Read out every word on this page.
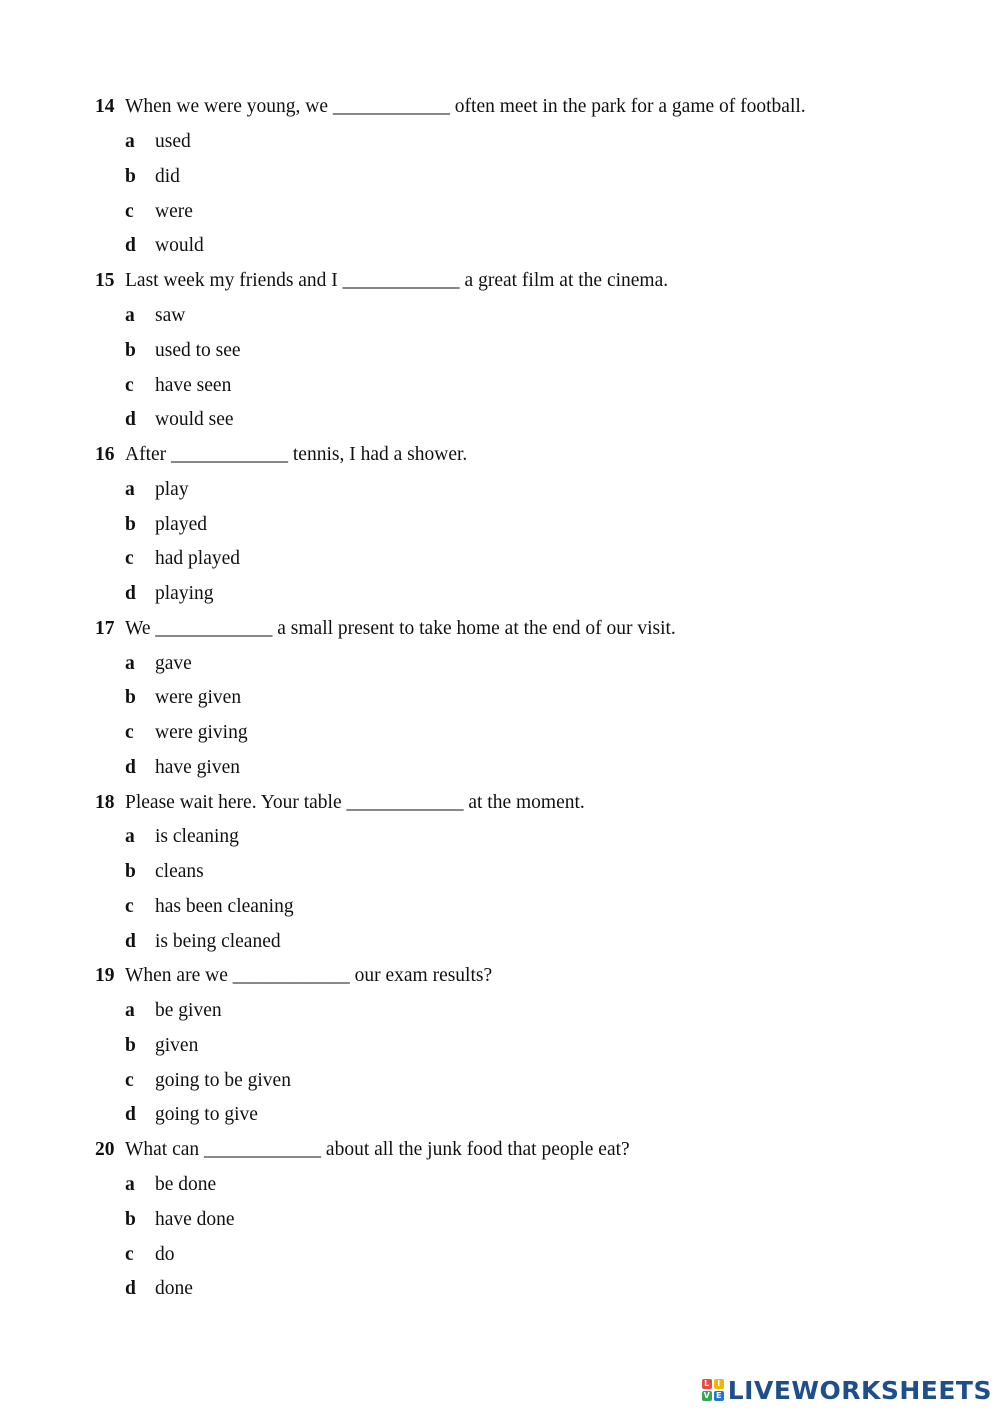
14 When we were young, we ____________ often meet in the park for a game of football.
a used
b did
c were
d would
15 Last week my friends and I ____________ a great film at the cinema.
a saw
b used to see
c have seen
d would see
16 After ____________ tennis, I had a shower.
a play
b played
c had played
d playing
17 We ____________ a small present to take home at the end of our visit.
a gave
b were given
c were giving
d have given
18 Please wait here. Your table ____________ at the moment.
a is cleaning
b cleans
c has been cleaning
d is being cleaned
19 When are we ____________ our exam results?
a be given
b given
c going to be given
d going to give
20 What can ____________ about all the junk food that people eat?
a be done
b have done
c do
d done
L I
V E LIVEWORKSHEETS
